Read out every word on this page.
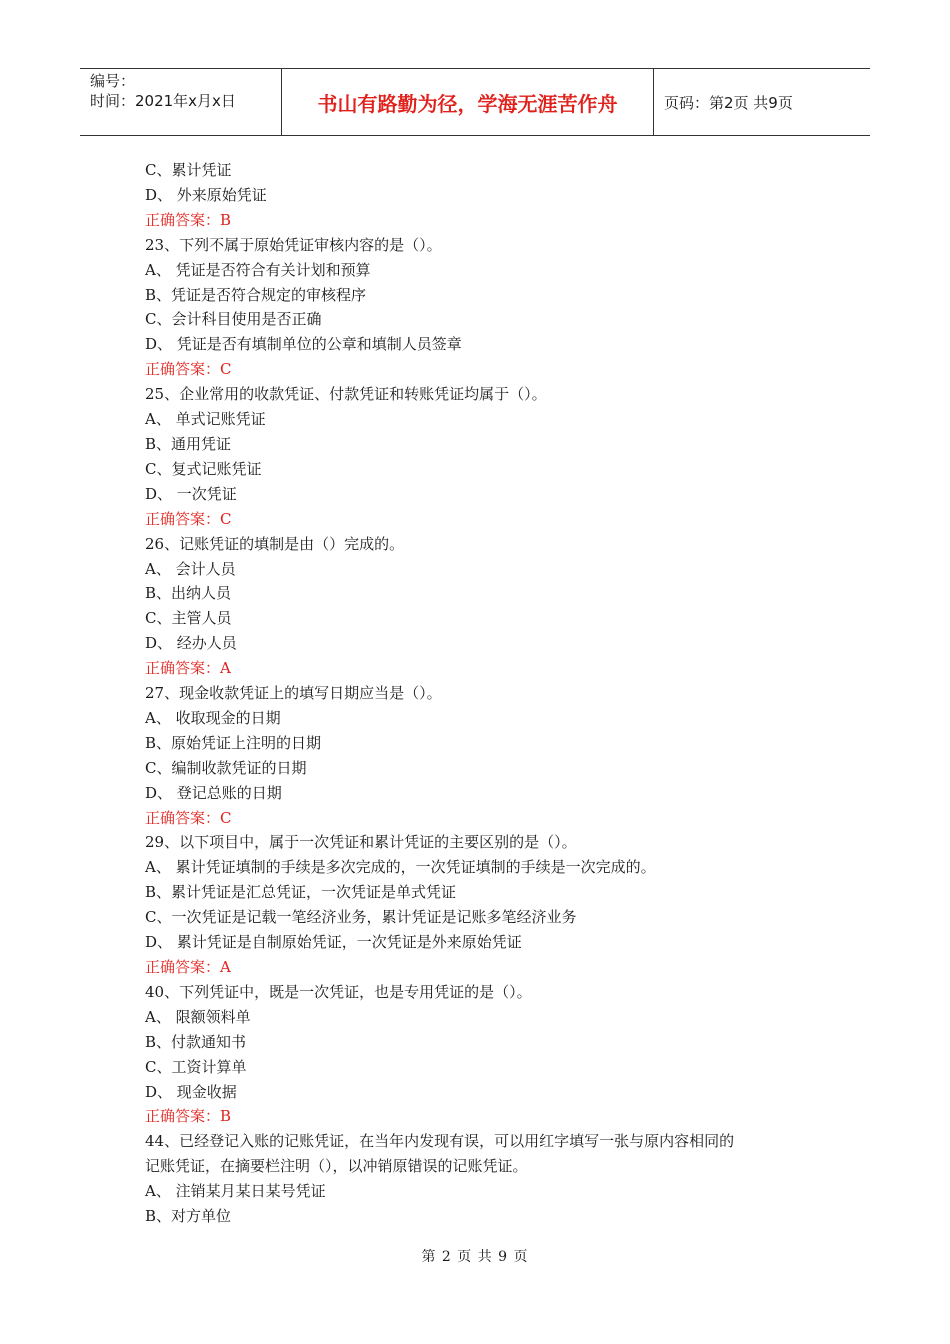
编号：
时间：2021年x月x日	书山有路勤为径，学海无涯苦作舟	页码：第2页 共9页
C、累计凭证
D、 外来原始凭证
正确答案：B
23、下列不属于原始凭证审核内容的是（）。
A、 凭证是否符合有关计划和预算
B、凭证是否符合规定的审核程序
C、会计科目使用是否正确
D、 凭证是否有填制单位的公章和填制人员签章
正确答案：C
25、企业常用的收款凭证、付款凭证和转账凭证均属于（）。
A、 单式记账凭证
B、通用凭证
C、复式记账凭证
D、 一次凭证
正确答案：C
26、记账凭证的填制是由（）完成的。
A、 会计人员
B、出纳人员
C、主管人员
D、 经办人员
正确答案：A
27、现金收款凭证上的填写日期应当是（）。
A、 收取现金的日期
B、原始凭证上注明的日期
C、编制收款凭证的日期
D、 登记总账的日期
正确答案：C
29、以下项目中，属于一次凭证和累计凭证的主要区别的是（）。
A、 累计凭证填制的手续是多次完成的，一次凭证填制的手续是一次完成的。
B、累计凭证是汇总凭证，一次凭证是单式凭证
C、一次凭证是记载一笔经济业务，累计凭证是记账多笔经济业务
D、 累计凭证是自制原始凭证，一次凭证是外来原始凭证
正确答案：A
40、下列凭证中，既是一次凭证，也是专用凭证的是（）。
A、 限额领料单
B、付款通知书
C、工资计算单
D、 现金收据
正确答案：B
44、已经登记入账的记账凭证，在当年内发现有误，可以用红字填写一张与原内容相同的
记账凭证，在摘要栏注明（），以冲销原错误的记账凭证。
A、 注销某月某日某号凭证
B、对方单位
第 2 页 共 9 页
